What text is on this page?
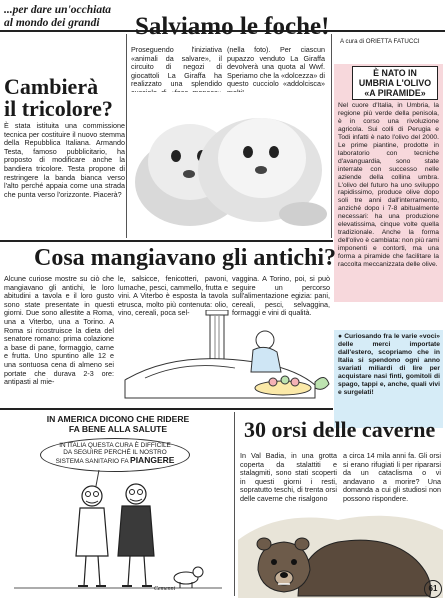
...per dare un'occhiata
al mondo dei grandi
Cambierà
il tricolore?
È stata istituita una commissione tecnica per costituire il nuovo stemma della Repubblica Italiana. Armando Testa, famoso pubblicitario, ha proposto di modificare anche la bandiera tricolore. Testa propone di restringere la banda bianca verso l'alto perché appaia come una strada che punta verso l'orizzonte. Piacerà?
Salviamo le foche!
Proseguendo l'iniziativa «animali da salvare», il circuito di negozi di giocattoli La Giraffa ha realizzato una splendido
(nella foto). Per ciascun pupazzo venduto La Giraffa devolverà una quota al Wwf. Speriamo che la «dolcezza» di questo cucciolo «addolcisca»
A cura di ORIETTA FATUCCI
È NATO IN
UMBRIA L'OLIVO
«A PIRAMIDE»
Nel cuore d'Italia, in Umbria, la regione più verde della penisola, è in corso una rivoluzione agricola. Sui colli di Perugia e Todi infatti è nato l'olivo del 2000. Le prime piantine, prodotte in laboratorio con tecniche d'avanguardia, sono state interrate con successo nelle aziende della collina umbra. L'olivo del futuro ha uno sviluppo rapidissimo, produce olive dopo soli tre anni dall'interramento, anziché dopo i 7-8 abitualmente necessari: ha una produzione elevatissima, cinque volte quella tradizionale. Anche la forma dell'olivo è cambiata: non più rami imponenti e contorti, ma una forma a piramide che facilitare la raccolta meccanizzata delle olive.
Cosa mangiavano gli antichi?
Alcune curiose mostre su ciò che mangiavano gli antichi, le loro abitudini a tavola e il loro gusto sono state presentate in questi giorni. Due sono allestite a Roma, una a Viterbo, una a Torino. A Roma si ricostruisce la dieta del senatore romano: prima colazione a base di pane, formaggio, carne e frutta. Uno spuntino alle 12 e una sontuosa cena di almeno sei portate che durava 2-3 ore: antipasti al mie-
le, salsicce, fenicotteri, pavoni, lumache, pesci, cammello, frutta e vini. A Viterbo è esposta la tavola etrusca, molto più contenuta: olio, vino, cereali, poca sel-
vaggina. A Torino, poi, si può seguire un percorso sull'alimentazione egizia: pani, cereali, pesci, selvaggina, formaggi e vini di qualità.
● Curiosando fra le varie «voci» delle merci importate dall'estero, scopriamo che in Italia si spendono ogni anno svariati miliardi di lire per acquistare nasi finti, gomitoli di spago, tappi e, anche, quali vivi e surgelati!
IN AMERICA DICONO CHE RIDERE
FA BENE ALLA SALUTE
IN ITALIA QUESTA CURA È DIFFICILE
DA SEGUIRE PERCHÉ IL NOSTRO
SISTEMA SANITARIO FA PIANGERE
Cemenni
30 orsi delle caverne
In Val Badia, in una grotta coperta da stalattiti e stalagmiti, sono stati scoperti in questi giorni i resti, sopratutto teschi, di trenta orsi delle caverne che risalgono
a circa 14 mila anni fa. Gli orsi si erano rifugiati li per ripararsi da un cataclisma o vi andavano a morire? Una domanda a cui gli studiosi non possono rispondere.
61
